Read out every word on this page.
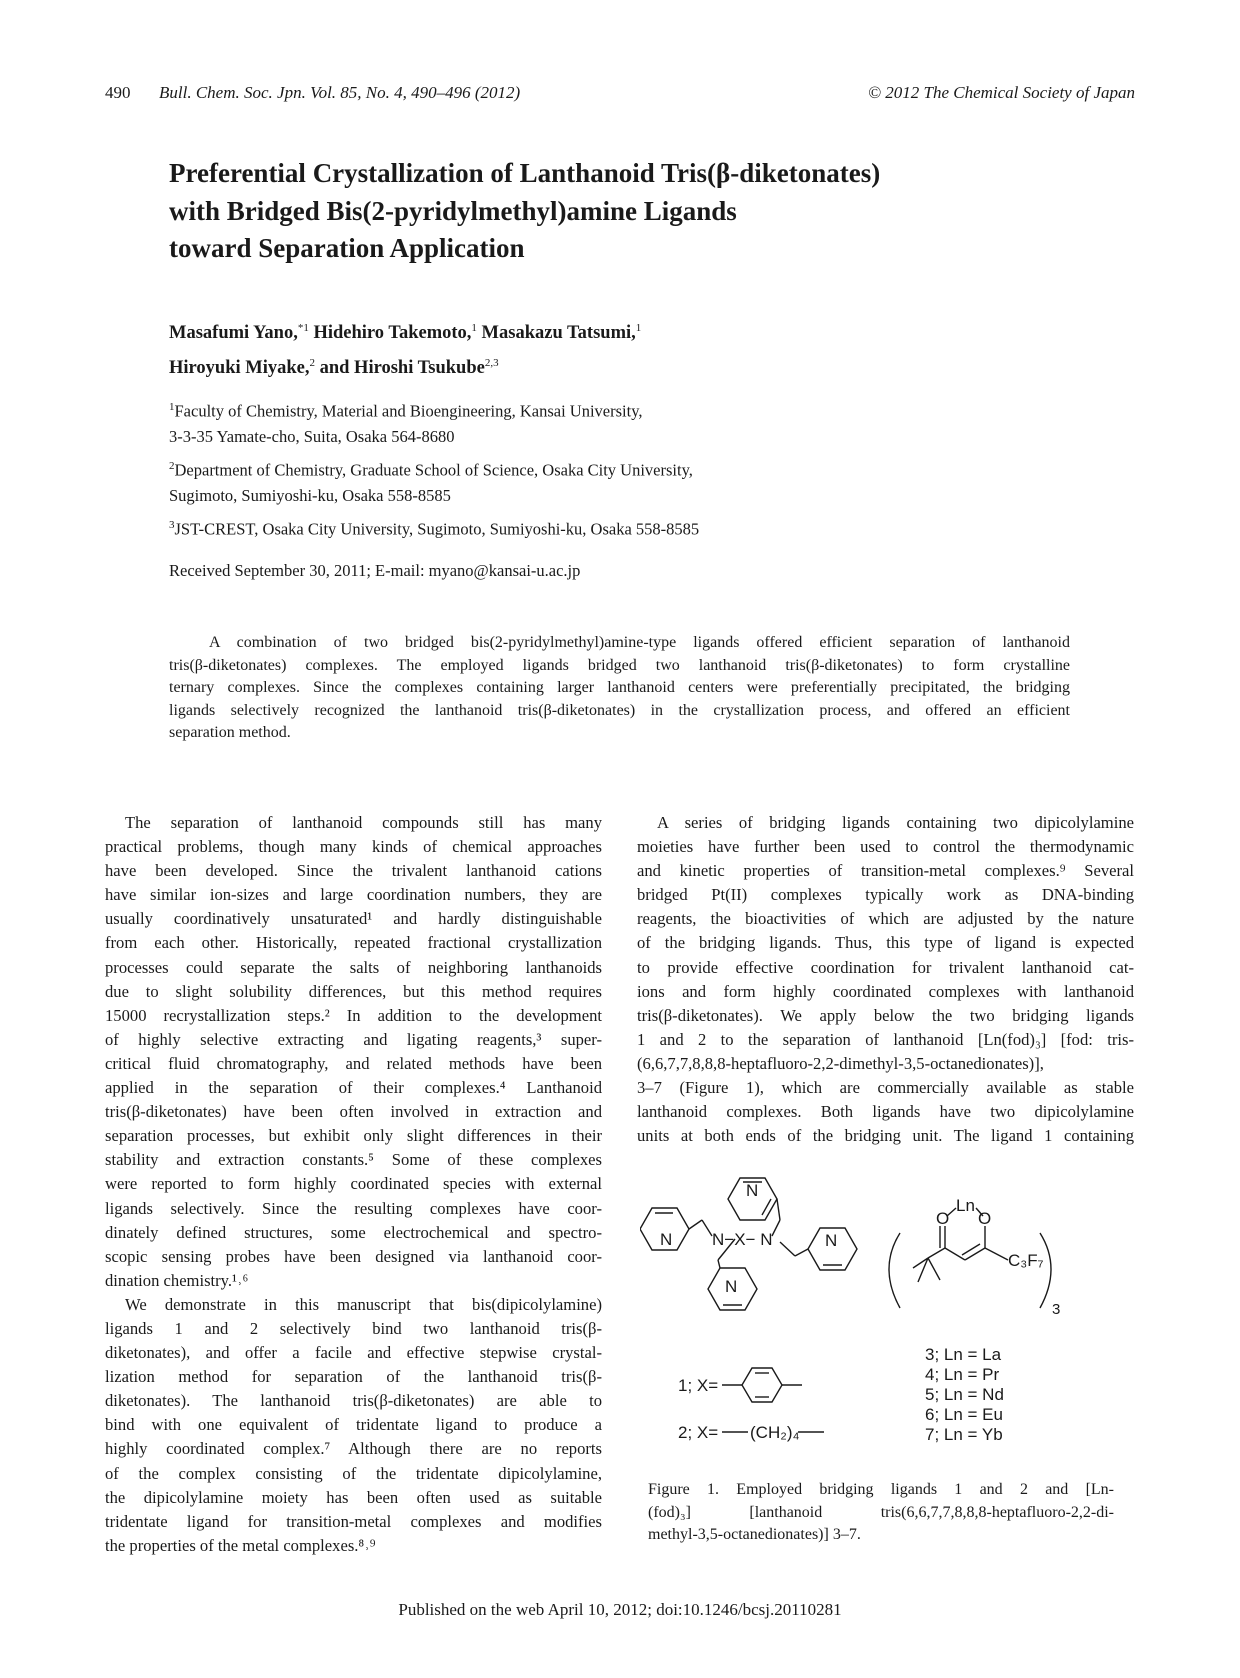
490 Bull. Chem. Soc. Jpn. Vol. 85, No. 4, 490–496 (2012)	© 2012 The Chemical Society of Japan
Preferential Crystallization of Lanthanoid Tris(β-diketonates)
with Bridged Bis(2-pyridylmethyl)amine Ligands
toward Separation Application
Masafumi Yano,$^{*1}$ Hidehiro Takemoto,$^1$ Masakazu Tatsumi,$^1$
Hiroyuki Miyake,$^2$ and Hiroshi Tsukube$^{2,3}$
$^1$Faculty of Chemistry, Material and Bioengineering, Kansai University,
3-3-35 Yamate-cho, Suita, Osaka 564-8680
$^2$Department of Chemistry, Graduate School of Science, Osaka City University,
Sugimoto, Sumiyoshi-ku, Osaka 558-8585
$^3$JST-CREST, Osaka City University, Sugimoto, Sumiyoshi-ku, Osaka 558-8585
Received September 30, 2011; E-mail: myano@kansai-u.ac.jp
A combination of two bridged bis(2-pyridylmethyl)amine-type ligands offered efficient separation of lanthanoid
tris(β-diketonates) complexes. The employed ligands bridged two lanthanoid tris(β-diketonates) to form crystalline
ternary complexes. Since the complexes containing larger lanthanoid centers were preferentially precipitated, the bridging
ligands selectively recognized the lanthanoid tris(β-diketonates) in the crystallization process, and offered an efficient
separation method.
The separation of lanthanoid compounds still has many
practical problems, though many kinds of chemical approaches
have been developed. Since the trivalent lanthanoid cations
have similar ion-sizes and large coordination numbers, they are
usually coordinatively unsaturated¹ and hardly distinguishable
from each other. Historically, repeated fractional crystallization
processes could separate the salts of neighboring lanthanoids
due to slight solubility differences, but this method requires
15000 recrystallization steps.² In addition to the development
of highly selective extracting and ligating reagents,³ super-
critical fluid chromatography, and related methods have been
applied in the separation of their complexes.⁴ Lanthanoid
tris(β-diketonates) have been often involved in extraction and
separation processes, but exhibit only slight differences in their
stability and extraction constants.⁵ Some of these complexes
were reported to form highly coordinated species with external
ligands selectively. Since the resulting complexes have coor-
dinately defined structures, some electrochemical and spectro-
scopic sensing probes have been designed via lanthanoid coor-
dination chemistry.¹˒⁶
We demonstrate in this manuscript that bis(dipicolylamine)
ligands 1 and 2 selectively bind two lanthanoid tris(β-
diketonates), and offer a facile and effective stepwise crystal-
lization method for separation of the lanthanoid tris(β-
diketonates). The lanthanoid tris(β-diketonates) are able to
bind with one equivalent of tridentate ligand to produce a
highly coordinated complex.⁷ Although there are no reports
of the complex consisting of the tridentate dipicolylamine,
the dipicolylamine moiety has been often used as suitable
tridentate ligand for transition-metal complexes and modifies
the properties of the metal complexes.⁸˒⁹
A series of bridging ligands containing two dipicolylamine
moieties have further been used to control the thermodynamic
and kinetic properties of transition-metal complexes.⁹ Several
bridged Pt(II) complexes typically work as DNA-binding
reagents, the bioactivities of which are adjusted by the nature
of the bridging ligands. Thus, this type of ligand is expected
to provide effective coordination for trivalent lanthanoid cat-
ions and form highly coordinated complexes with lanthanoid
tris(β-diketonates). We apply below the two bridging ligands
1 and 2 to the separation of lanthanoid [Ln(fod)₃] [fod: tris-
(6,6,7,7,8,8,8-heptafluoro-2,2-dimethyl-3,5-octanedionates)],
3–7 (Figure 1), which are commercially available as stable
lanthanoid complexes. Both ligands have two dipicolylamine
units at both ends of the bridging unit. The ligand 1 containing
N
N
N
N
N−X− N
Ln
O O
C₃F₇
3
1; X=
2; X= (CH₂)₄
3; Ln = La
4; Ln = Pr
5; Ln = Nd
6; Ln = Eu
7; Ln = Yb
Figure 1. Employed bridging ligands 1 and 2 and [Ln-
(fod)₃] [lanthanoid tris(6,6,7,7,8,8,8-heptafluoro-2,2-di-
methyl-3,5-octanedionates)] 3–7.
Published on the web April 10, 2012; doi:10.1246/bcsj.20110281
